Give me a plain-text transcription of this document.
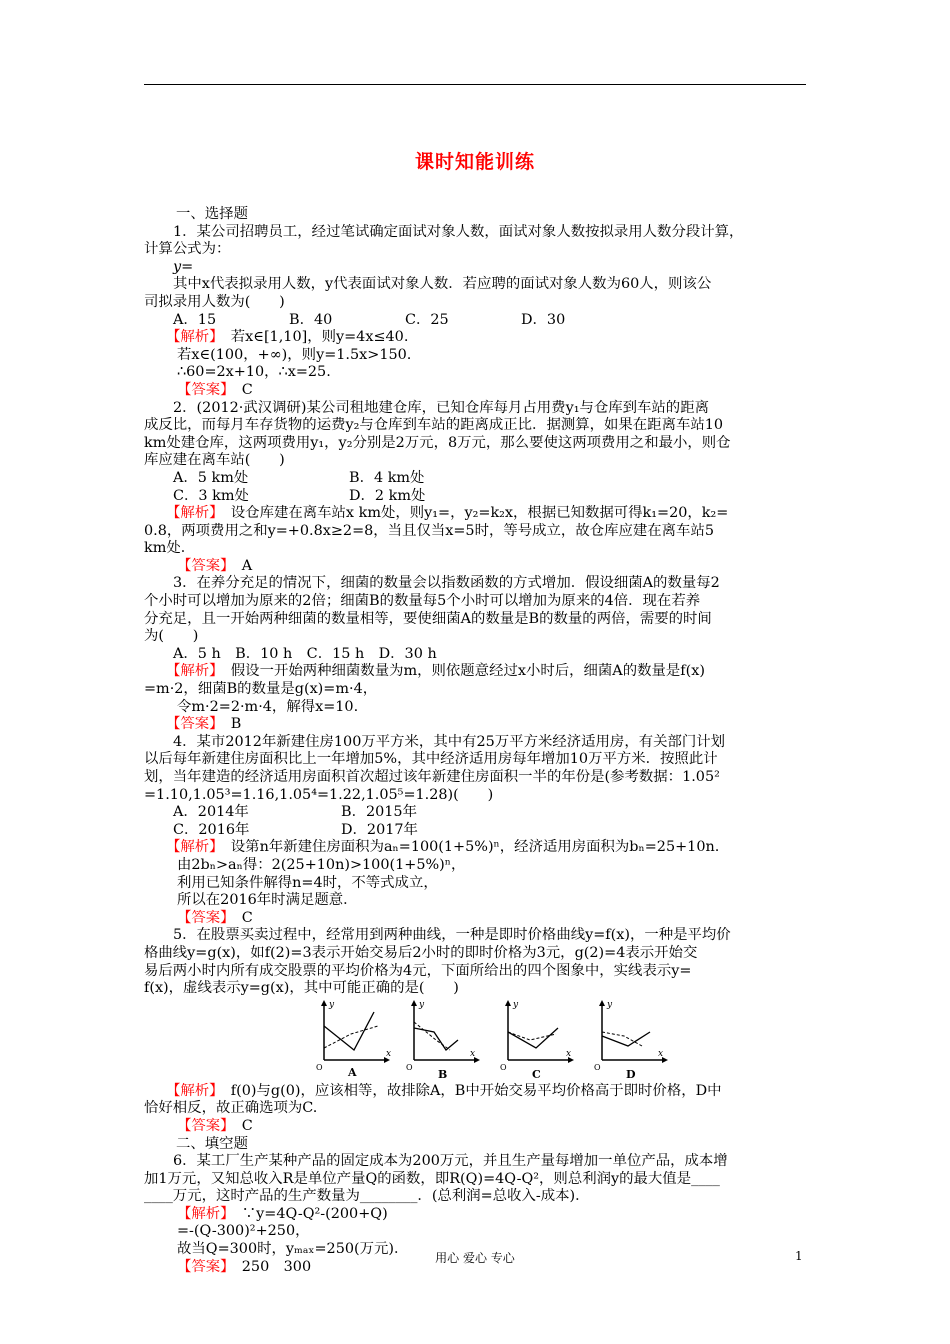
课时知能训练
一、选择题
1．某公司招聘员工，经过笔试确定面试对象人数，面试对象人数按拟录用人数分段计算，
计算公式为：
y=
其中x代表拟录用人数，y代表面试对象人数．若应聘的面试对象人数为60人，则该公
司拟录用人数为(　　)
A．15	B．40	C．25	D．30
【解析】　 若x∈[1,10]，则y=4x≤40.
若x∈(100，+∞)，则y=1.5x>150.
∴60=2x+10，∴x=25.
【答案】　 C
2．(2012·武汉调研)某公司租地建仓库，已知仓库每月占用费y₁与仓库到车站的距离
成反比，而每月车存货物的运费y₂与仓库到车站的距离成正比．据测算，如果在距离车站10
km处建仓库，这两项费用y₁，y₂分别是2万元，8万元，那么要使这两项费用之和最小，则仓
库应建在离车站(　　)
A．5 km处	B．4 km处
C．3 km处	D．2 km处
【解析】　 设仓库建在离车站x km处，则y₁=，y₂=k₂x，根据已知数据可得k₁=20，k₂=
0.8，两项费用之和y=+0.8x≥2=8，当且仅当x=5时，等号成立，故仓库应建在离车站5
km处．
【答案】　 A
3．在养分充足的情况下，细菌的数量会以指数函数的方式增加．假设细菌A的数量每2
个小时可以增加为原来的2倍；细菌B的数量每5个小时可以增加为原来的4倍．现在若养
分充足，且一开始两种细菌的数量相等，要使细菌A的数量是B的数量的两倍，需要的时间
为(　　)
A．5 h　B．10 h　C．15 h　D．30 h
【解析】　 假设一开始两种细菌数量为m，则依题意经过x小时后，细菌A的数量是f(x)
=m·2，细菌B的数量是g(x)=m·4，
令m·2=2·m·4，解得x=10.
【答案】　 B
4．某市2012年新建住房100万平方米，其中有25万平方米经济适用房，有关部门计划
以后每年新建住房面积比上一年增加5%，其中经济适用房每年增加10万平方米．按照此计
划，当年建造的经济适用房面积首次超过该年新建住房面积一半的年份是(参考数据：1.05²
=1.10,1.05³=1.16,1.05⁴=1.22,1.05⁵=1.28)(　　)
A．2014年	B．2015年
C．2016年	D．2017年
【解析】　 设第n年新建住房面积为aₙ=100(1+5%)ⁿ，经济适用房面积为bₙ=25+10n.
由2bₙ>aₙ得：2(25+10n)>100(1+5%)ⁿ，
利用已知条件解得n=4时，不等式成立，
所以在2016年时满足题意．
【答案】　 C
5．在股票买卖过程中，经常用到两种曲线，一种是即时价格曲线y=f(x)，一种是平均价
格曲线y=g(x)，如f(2)=3表示开始交易后2小时的即时价格为3元，g(2)=4表示开始交
易后两小时内所有成交股票的平均价格为4元，下面所给出的四个图象中，实线表示y=
f(x)，虚线表示y=g(x)，其中可能正确的是(　　)
y
x
O A
y
x
O
B
y
x
O
C
y
x
O
D
【解析】　 f(0)与g(0)，应该相等，故排除A，B中开始交易平均价格高于即时价格，D中
恰好相反，故正确选项为C.
【答案】　 C
二、填空题
6．某工厂生产某种产品的固定成本为200万元，并且生产量每增加一单位产品，成本增
加1万元，又知总收入R是单位产量Q的函数，即R(Q)=4Q-Q²，则总利润y的最大值是____
____万元，这时产品的生产数量为________．(总利润=总收入-成本)．
【解析】　 ∵y=4Q-Q²-(200+Q)
=-(Q-300)²+250，
故当Q=300时，yₘₐₓ=250(万元)．
【答案】　 250　300
用心 爱心 专心	1
